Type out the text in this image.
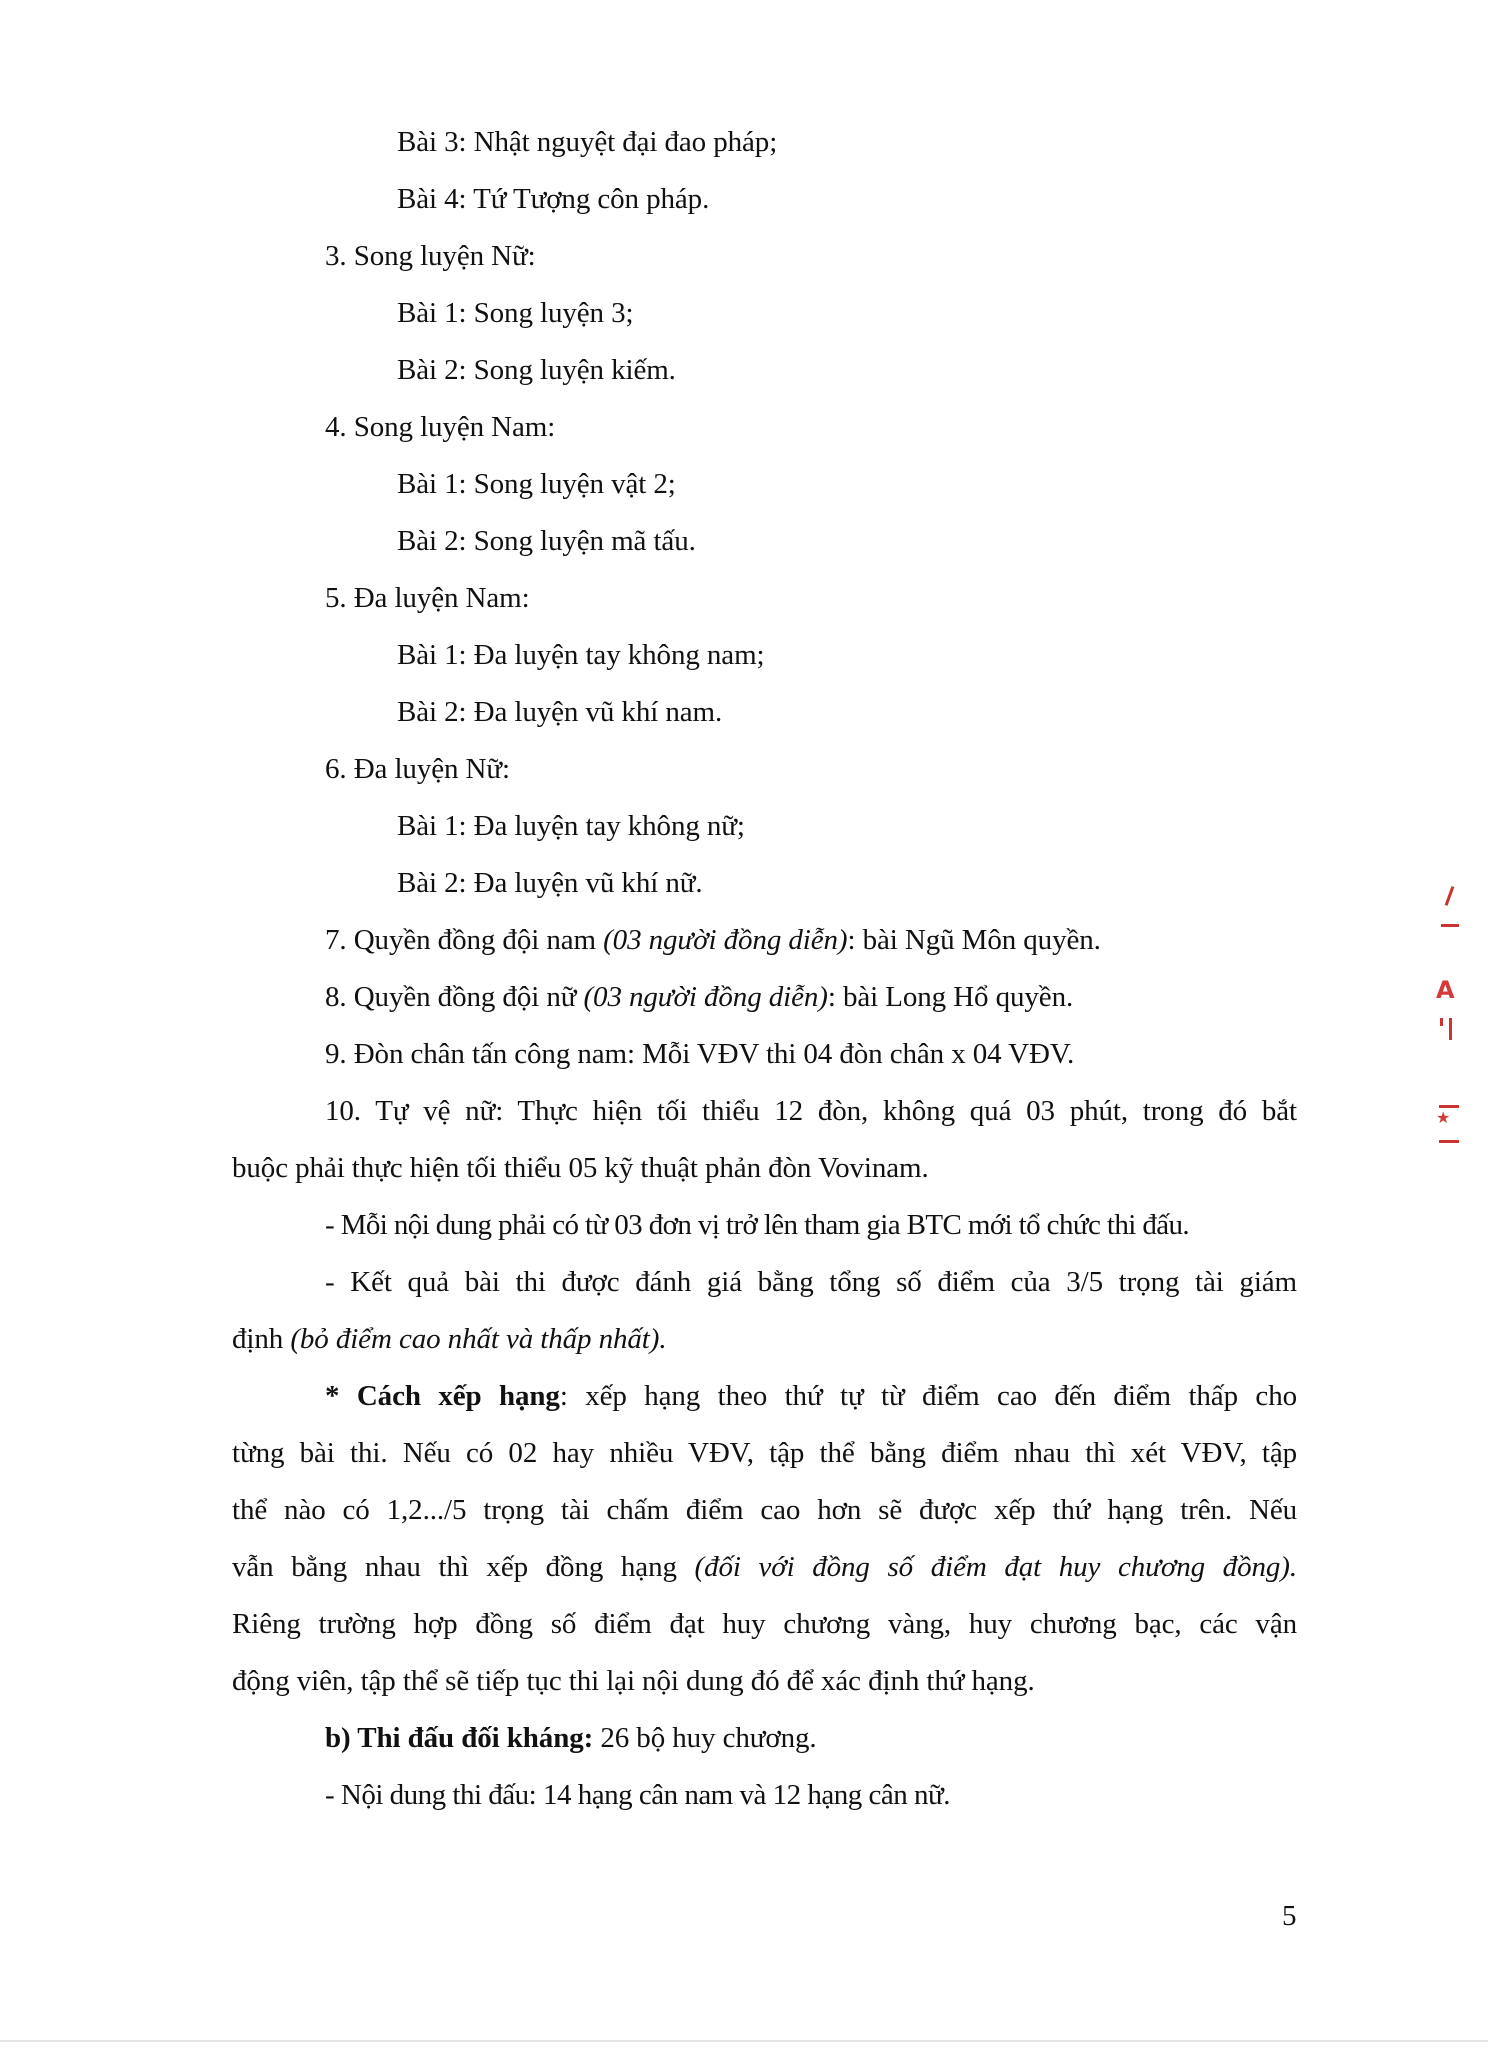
Bài 3: Nhật nguyệt đại đao pháp;
Bài 4: Tứ Tượng côn pháp.
3. Song luyện Nữ:
Bài 1: Song luyện 3;
Bài 2: Song luyện kiếm.
4. Song luyện Nam:
Bài 1: Song luyện vật 2;
Bài 2: Song luyện mã tấu.
5. Đa luyện Nam:
Bài 1: Đa luyện tay không nam;
Bài 2: Đa luyện vũ khí nam.
6. Đa luyện Nữ:
Bài 1: Đa luyện tay không nữ;
Bài 2: Đa luyện vũ khí nữ.
7. Quyền đồng đội nam (03 người đồng diễn): bài Ngũ Môn quyền.
8. Quyền đồng đội nữ (03 người đồng diễn): bài Long Hổ quyền.
9. Đòn chân tấn công nam: Mỗi VĐV thi 04 đòn chân x 04 VĐV.
10. Tự vệ nữ: Thực hiện tối thiểu 12 đòn, không quá 03 phút, trong đó bắt
buộc phải thực hiện tối thiểu 05 kỹ thuật phản đòn Vovinam.
- Mỗi nội dung phải có từ 03 đơn vị trở lên tham gia BTC mới tổ chức thi đấu.
- Kết quả bài thi được đánh giá bằng tổng số điểm của 3/5 trọng tài giám
định (bỏ điểm cao nhất và thấp nhất).
* Cách xếp hạng: xếp hạng theo thứ tự từ điểm cao đến điểm thấp cho
từng bài thi. Nếu có 02 hay nhiều VĐV, tập thể bằng điểm nhau thì xét VĐV, tập
thể nào có 1,2.../5 trọng tài chấm điểm cao hơn sẽ được xếp thứ hạng trên. Nếu
vẫn bằng nhau thì xếp đồng hạng (đối với đồng số điểm đạt huy chương đồng).
Riêng trường hợp đồng số điểm đạt huy chương vàng, huy chương bạc, các vận
động viên, tập thể sẽ tiếp tục thi lại nội dung đó để xác định thứ hạng.
b) Thi đấu đối kháng: 26 bộ huy chương.
- Nội dung thi đấu: 14 hạng cân nam và 12 hạng cân nữ.
5
A
★
